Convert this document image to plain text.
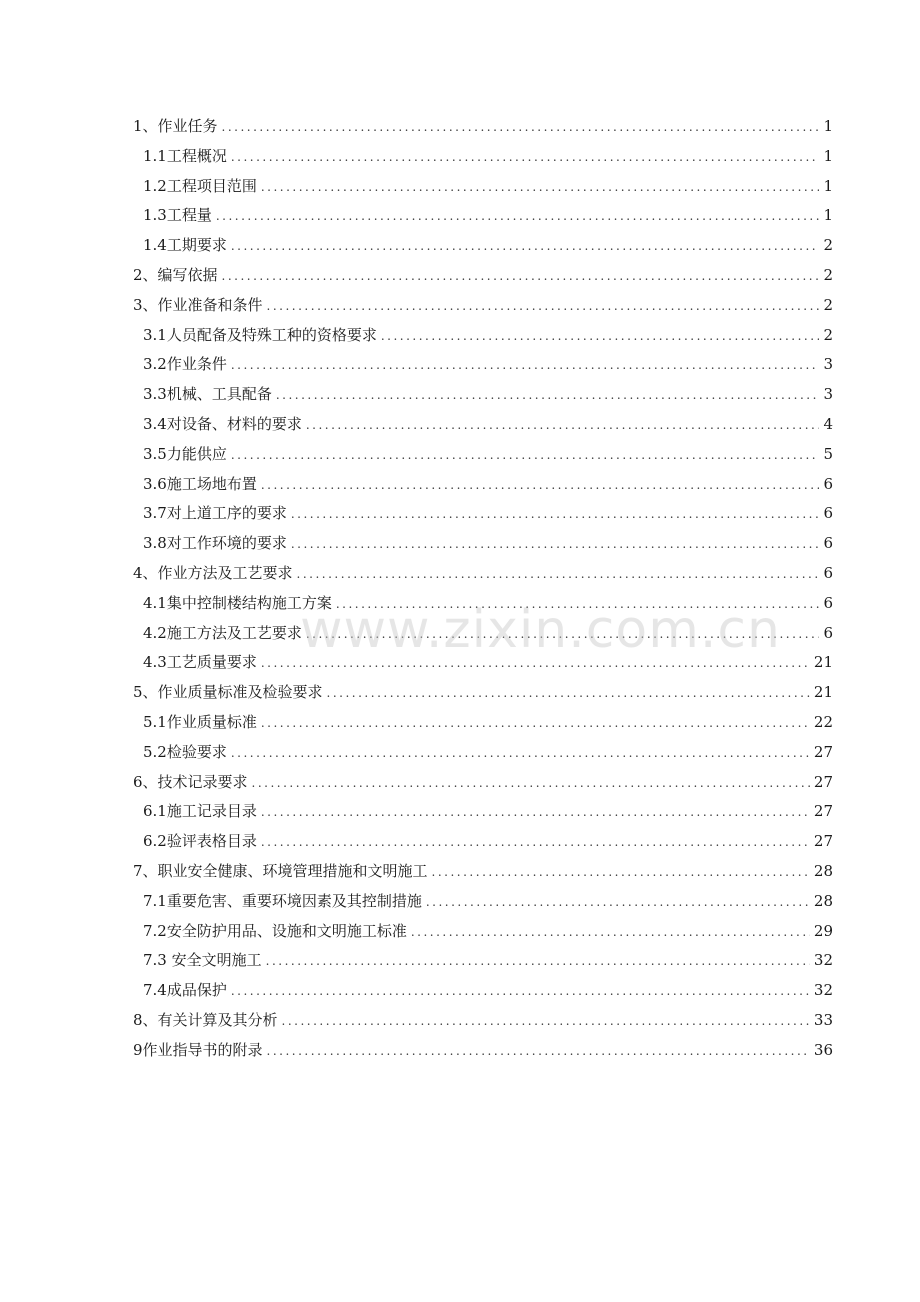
1、作业任务 .....	1
1.1工程概况 .....	1
1.2工程项目范围 .....	1
1.3工程量 .....	1
1.4工期要求 .....	2
2、编写依据 .....	2
3、作业准备和条件 .....	2
3.1人员配备及特殊工种的资格要求 .....	2
3.2作业条件 .....	3
3.3机械、工具配备 .....	3
3.4对设备、材料的要求 .....	4
3.5力能供应 .....	5
3.6施工场地布置 .....	6
3.7对上道工序的要求 .....	6
3.8对工作环境的要求 .....	6
4、作业方法及工艺要求 .....	6
4.1集中控制楼结构施工方案 .....	6
4.2施工方法及工艺要求 .....	6
4.3工艺质量要求 .....	21
5、作业质量标准及检验要求 .....	21
5.1作业质量标准 .....	22
5.2检验要求 .....	27
6、技术记录要求 .....	27
6.1施工记录目录 .....	27
6.2验评表格目录 .....	27
7、职业安全健康、环境管理措施和文明施工 .....	28
7.1重要危害、重要环境因素及其控制措施 .....	28
7.2安全防护用品、设施和文明施工标准 .....	29
7.3 安全文明施工 .....	32
7.4成品保护 .....	32
8、有关计算及其分析 .....	33
9作业指导书的附录 .....	36
www.zixin.com.cn
